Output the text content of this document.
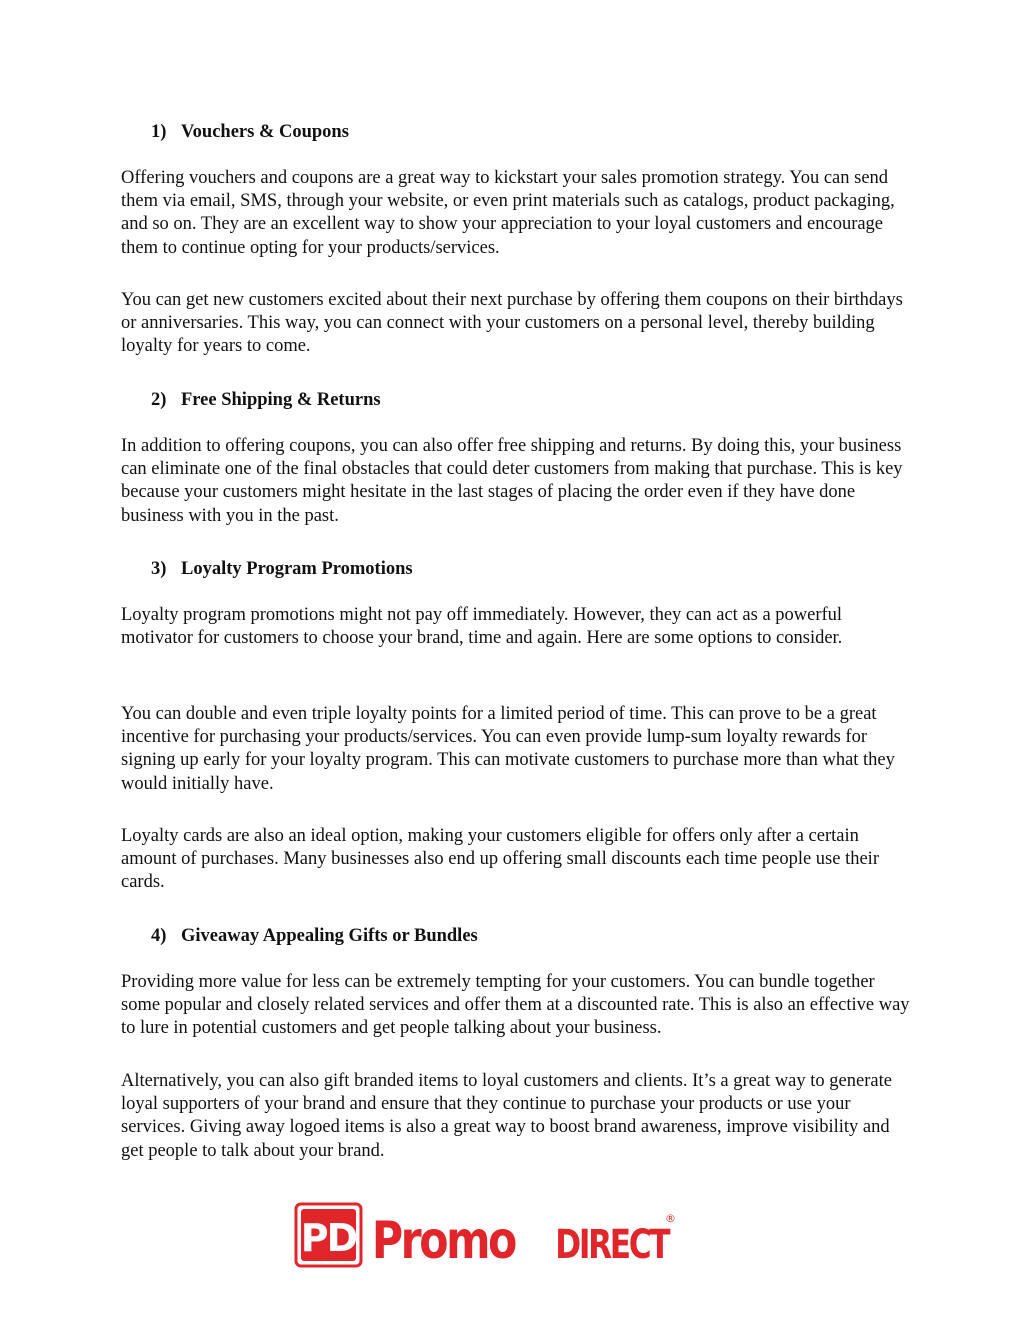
1) Vouchers & Coupons

Offering vouchers and coupons are a great way to kickstart your sales promotion strategy. You can send them via email, SMS, through your website, or even print materials such as catalogs, product packaging, and so on. They are an excellent way to show your appreciation to your loyal customers and encourage them to continue opting for your products/services.

You can get new customers excited about their next purchase by offering them coupons on their birthdays or anniversaries. This way, you can connect with your customers on a personal level, thereby building loyalty for years to come.

2) Free Shipping & Returns

In addition to offering coupons, you can also offer free shipping and returns. By doing this, your business can eliminate one of the final obstacles that could deter customers from making that purchase. This is key because your customers might hesitate in the last stages of placing the order even if they have done business with you in the past.

3) Loyalty Program Promotions

Loyalty program promotions might not pay off immediately. However, they can act as a powerful motivator for customers to choose your brand, time and again. Here are some options to consider.

You can double and even triple loyalty points for a limited period of time. This can prove to be a great incentive for purchasing your products/services. You can even provide lump-sum loyalty rewards for signing up early for your loyalty program. This can motivate customers to purchase more than what they would initially have.

Loyalty cards are also an ideal option, making your customers eligible for offers only after a certain amount of purchases. Many businesses also end up offering small discounts each time people use their cards.

4) Giveaway Appealing Gifts or Bundles

Providing more value for less can be extremely tempting for your customers. You can bundle together some popular and closely related services and offer them at a discounted rate. This is also an effective way to lure in potential customers and get people talking about your business.

Alternatively, you can also gift branded items to loyal customers and clients. It’s a great way to generate loyal supporters of your brand and ensure that they continue to purchase your products or use your services. Giving away logoed items is also a great way to boost brand awareness, improve visibility and get people to talk about your brand.

PD Promo DIRECT
®
